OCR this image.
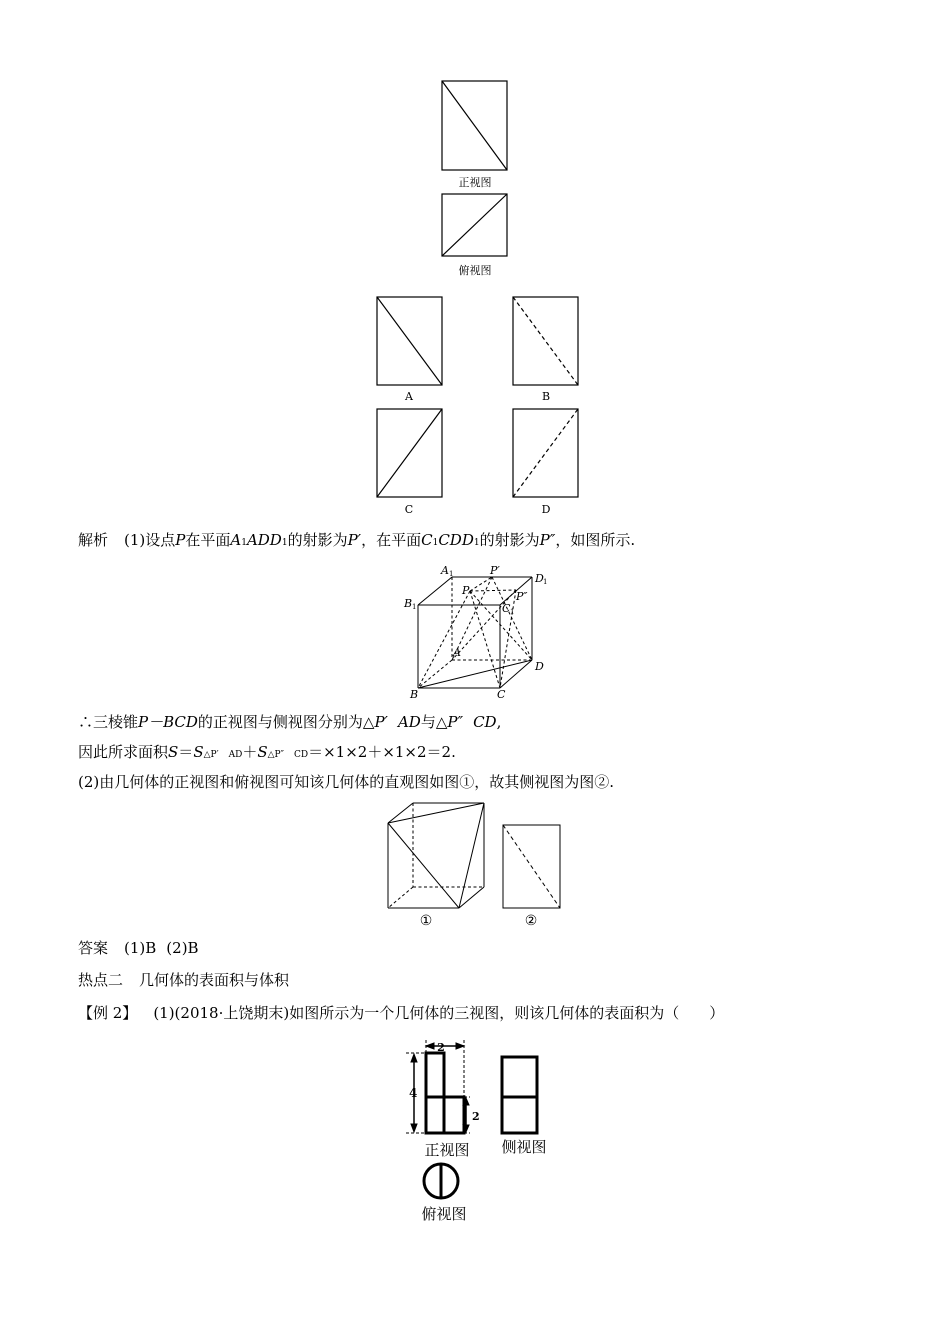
正视图
俯视图
A	B
C	D
A 1	P′
D 1
B 1
P	P″
C 1
A
D
B	C
①	②
4
2
2
正视图 侧视图
俯视图
解析 (1)设点P在平面A1ADD1的射影为P′，在平面C1CDD1的射影为P″，如图所示.
∴三棱锥P－BCD的正视图与侧视图分别为△P′ AD与△P″ CD,
因此所求面积S＝S△P′ AD＋S△P″ CD＝×1×2＋×1×2＝2.
(2)由几何体的正视图和俯视图可知该几何体的直观图如图①，故其侧视图为图②.
答案 (1)B (2)B
热点二 几何体的表面积与体积
【例 2】 (1)(2018·上饶期末)如图所示为一个几何体的三视图，则该几何体的表面积为（　　）
